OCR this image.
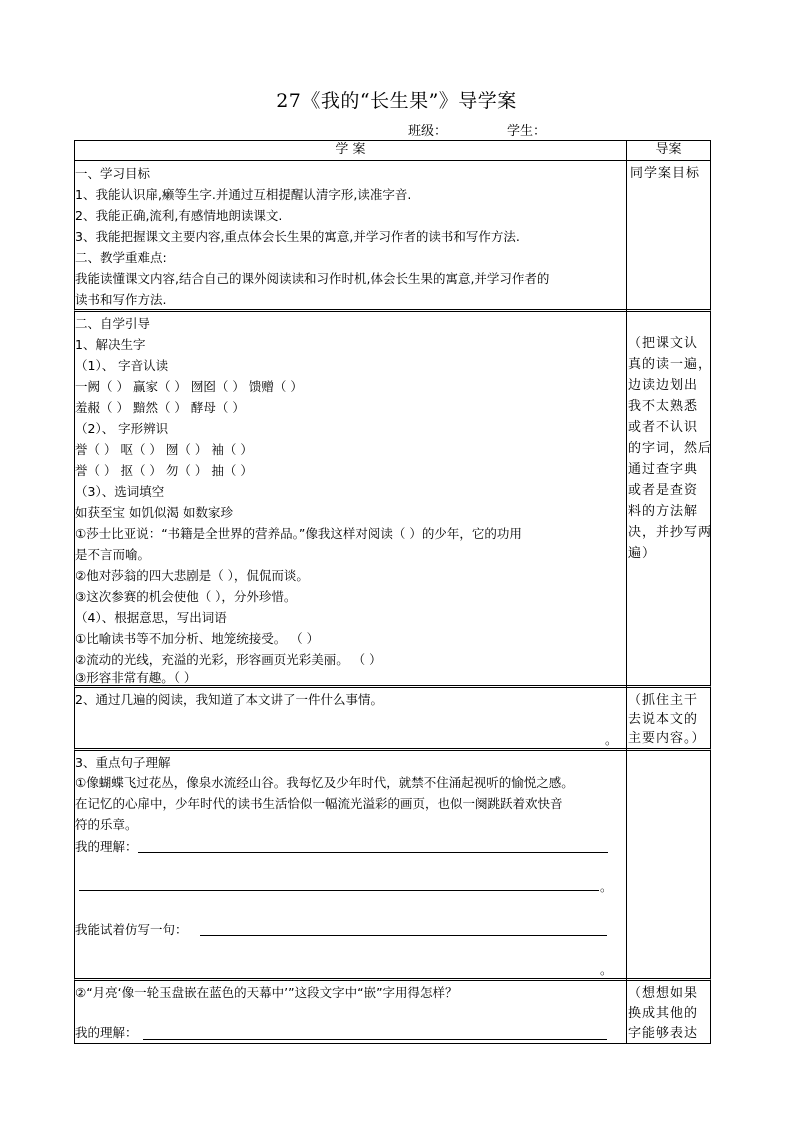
27《我的“长生果”》导学案
班级：	学生：
学 案	导案
一、学习目标
1、我能认识扉,癞等生字.并通过互相提醒认清字形,读准字音.
2、我能正确,流利,有感情地朗读课文.
3、我能把握课文主要内容,重点体会长生果的寓意,并学习作者的读书和写作方法.
二、教学重难点:
我能读懂课文内容,结合自己的课外阅读读和习作时机,体会长生果的寓意,并学习作者的
读书和写作方法.
同学案目标
二、自学引导
1、解决生字
（1）、 字音认读
一阙（ ） 赢家（ ） 囫囵（ ） 馈赠（ ）
羞赧（ ） 黯然（ ） 酵母（ ）
（2）、 字形辨识
誉（ ） 呕（ ） 囫（ ） 袖（ ）
誉（ ） 抠（ ） 勿（ ） 抽（ ）
（3）、选词填空
如获至宝 如饥似渴 如数家珍
①莎士比亚说：“书籍是全世界的营养品。”像我这样对阅读（ ）的少年，它的功用
是不言而喻。
②他对莎翁的四大悲剧是（ ），侃侃而谈。
③这次参赛的机会使他（ ），分外珍惜。
（4）、根据意思，写出词语
①比喻读书等不加分析、地笼统接受。 （ ）
②流动的光线，充溢的光彩，形容画页光彩美丽。 （ ）
③形容非常有趣。（ ）
（把课文认
真的读一遍，
边读边划出
我不太熟悉
或者不认识
的字词，然后
通过查字典
或者是查资
料的方法解
决，并抄写两
遍）
2、通过几遍的阅读，我知道了本文讲了一件什么事情。
。
（抓住主干
去说本文的
主要内容。）
3、重点句子理解
①像蝴蝶飞过花丛，像泉水流经山谷。我每忆及少年时代，就禁不住涌起视听的愉悦之感。
在记忆的心扉中，少年时代的读书生活恰似一幅流光溢彩的画页，也似一阕跳跃着欢快音
符的乐章。
我的理解：
。
我能试着仿写一句：
。
②“月亮‘像一轮玉盘嵌在蓝色的天幕中’”这段文字中“嵌”字用得怎样？
我的理解：
（想想如果
换成其他的
字能够表达
